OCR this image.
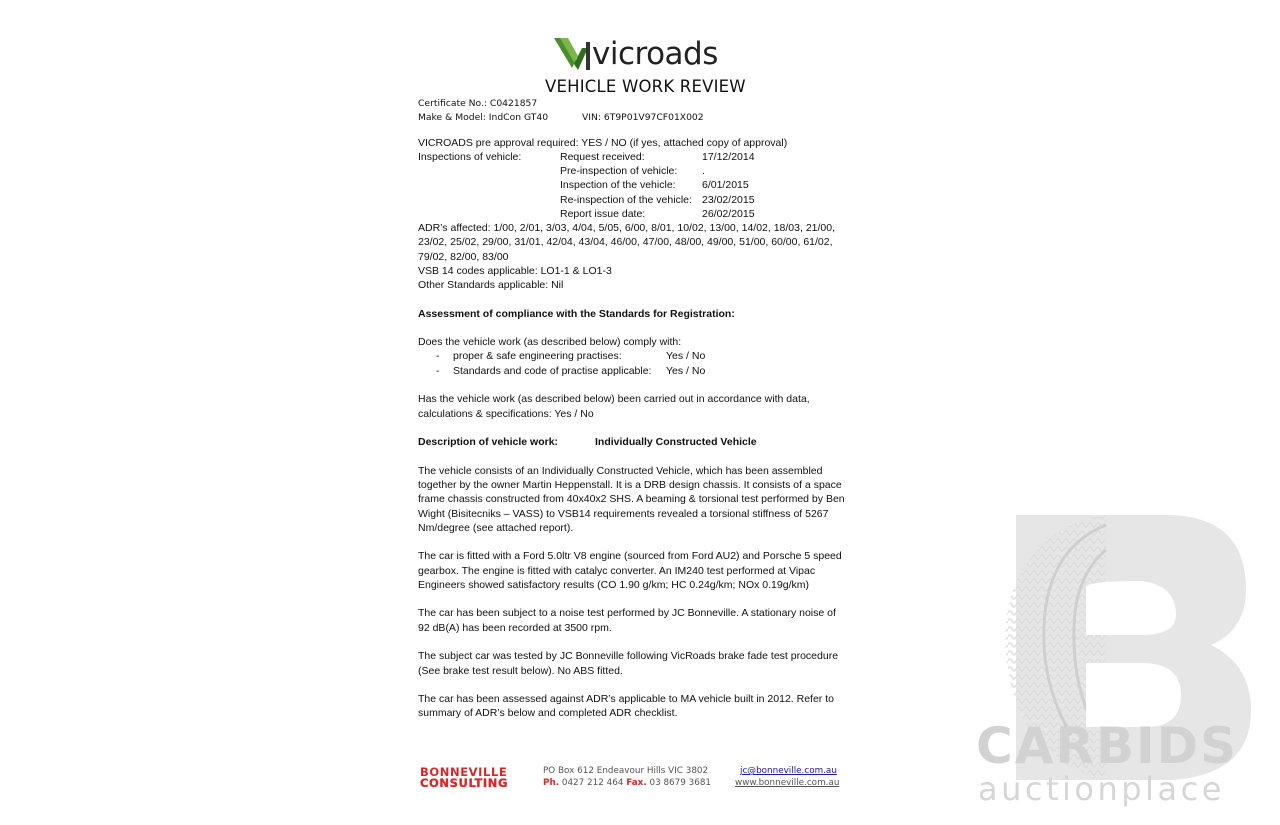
vicroads
VEHICLE WORK REVIEW
Certificate No.: C0421857
Make & Model: IndCon GT40	VIN: 6T9P01V97CF01X002
VICROADS pre approval required: YES / NO (if yes, attached copy of approval)
Inspections of vehicle:	Request received:	17/12/2014
Pre-inspection of vehicle: .
Inspection of the vehicle:	6/01/2015
Re-inspection of the vehicle: 23/02/2015
Report issue date:	26/02/2015
ADR’s affected: 1/00, 2/01, 3/03, 4/04, 5/05, 6/00, 8/01, 10/02, 13/00, 14/02, 18/03, 21/00,
23/02, 25/02, 29/00, 31/01, 42/04, 43/04, 46/00, 47/00, 48/00, 49/00, 51/00, 60/00, 61/02,
79/02, 82/00, 83/00
VSB 14 codes applicable: LO1-1 & LO1-3
Other Standards applicable: Nil
Assessment of compliance with the Standards for Registration:
Does the vehicle work (as described below) comply with:
- proper & safe engineering practises:	Yes / No
- Standards and code of practise applicable: Yes / No
Has the vehicle work (as described below) been carried out in accordance with data,
calculations & specifications: Yes / No
Description of vehicle work:	Individually Constructed Vehicle
The vehicle consists of an Individually Constructed Vehicle, which has been assembled
together by the owner Martin Heppenstall. It is a DRB design chassis. It consists of a space
frame chassis constructed from 40x40x2 SHS. A beaming & torsional test performed by Ben
Wight (Bisitecniks – VASS) to VSB14 requirements revealed a torsional stiffness of 5267
Nm/degree (see attached report).
The car is fitted with a Ford 5.0ltr V8 engine (sourced from Ford AU2) and Porsche 5 speed
gearbox. The engine is fitted with catalyc converter. An IM240 test performed at Vipac
Engineers showed satisfactory results (CO 1.90 g/km; HC 0.24g/km; NOx 0.19g/km)
The car has been subject to a noise test performed by JC Bonneville. A stationary noise of
92 dB(A) has been recorded at 3500 rpm.
The subject car was tested by JC Bonneville following VicRoads brake fade test procedure
(See brake test result below). No ABS fitted.
The car has been assessed against ADR’s applicable to MA vehicle built in 2012. Refer to
summary of ADR’s below and completed ADR checklist.
BONNEVILLE
CONSULTING
PO Box 612 Endeavour Hills VIC 3802
Ph. 0427 212 464 Fax. 03 8679 3681
jc@bonneville.com.au
www.bonneville.com.au
CARBIDS
auctionplace
